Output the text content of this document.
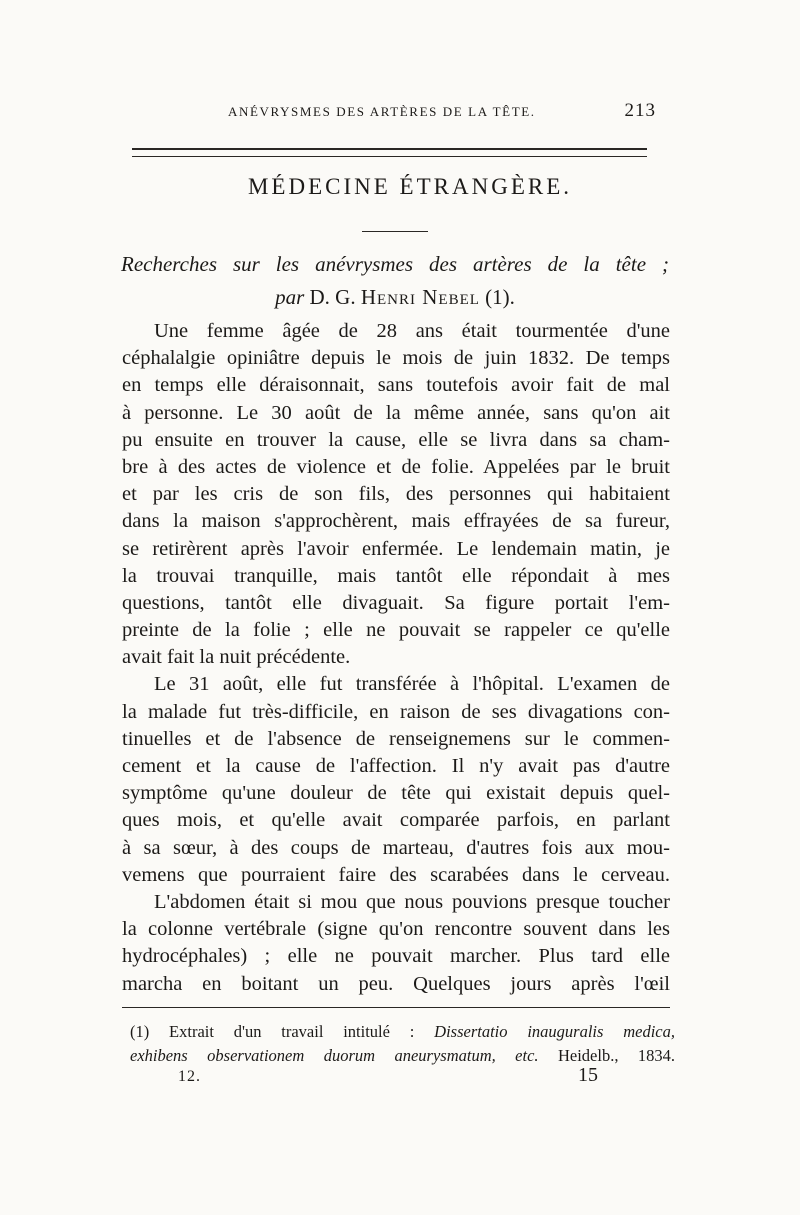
ANÉVRYSMES DES ARTÈRES DE LA TÊTE.	213
MÉDECINE ÉTRANGÈRE.
Recherches sur les anévrysmes des artères de la tête ;
par D. G. Henri Nebel (1).
Une femme âgée de 28 ans était tourmentée d'une
céphalalgie opiniâtre depuis le mois de juin 1832. De temps
en temps elle déraisonnait, sans toutefois avoir fait de mal
à personne. Le 30 août de la même année, sans qu'on ait
pu ensuite en trouver la cause, elle se livra dans sa cham-
bre à des actes de violence et de folie. Appelées par le bruit
et par les cris de son fils, des personnes qui habitaient
dans la maison s'approchèrent, mais effrayées de sa fureur,
se retirèrent après l'avoir enfermée. Le lendemain matin, je
la trouvai tranquille, mais tantôt elle répondait à mes
questions, tantôt elle divaguait. Sa figure portait l'em-
preinte de la folie ; elle ne pouvait se rappeler ce qu'elle
avait fait la nuit précédente.
Le 31 août, elle fut transférée à l'hôpital. L'examen de
la malade fut très-difficile, en raison de ses divagations con-
tinuelles et de l'absence de renseignemens sur le commen-
cement et la cause de l'affection. Il n'y avait pas d'autre
symptôme qu'une douleur de tête qui existait depuis quel-
ques mois, et qu'elle avait comparée parfois, en parlant
à sa sœur, à des coups de marteau, d'autres fois aux mou-
vemens que pourraient faire des scarabées dans le cerveau.
L'abdomen était si mou que nous pouvions presque toucher
la colonne vertébrale (signe qu'on rencontre souvent dans les
hydrocéphales) ; elle ne pouvait marcher. Plus tard elle
marcha en boitant un peu. Quelques jours après l'œil
(1) Extrait d'un travail intitulé : Dissertatio inauguralis medica,
exhibens observationem duorum aneurysmatum, etc. Heidelb., 1834.
12.	15
